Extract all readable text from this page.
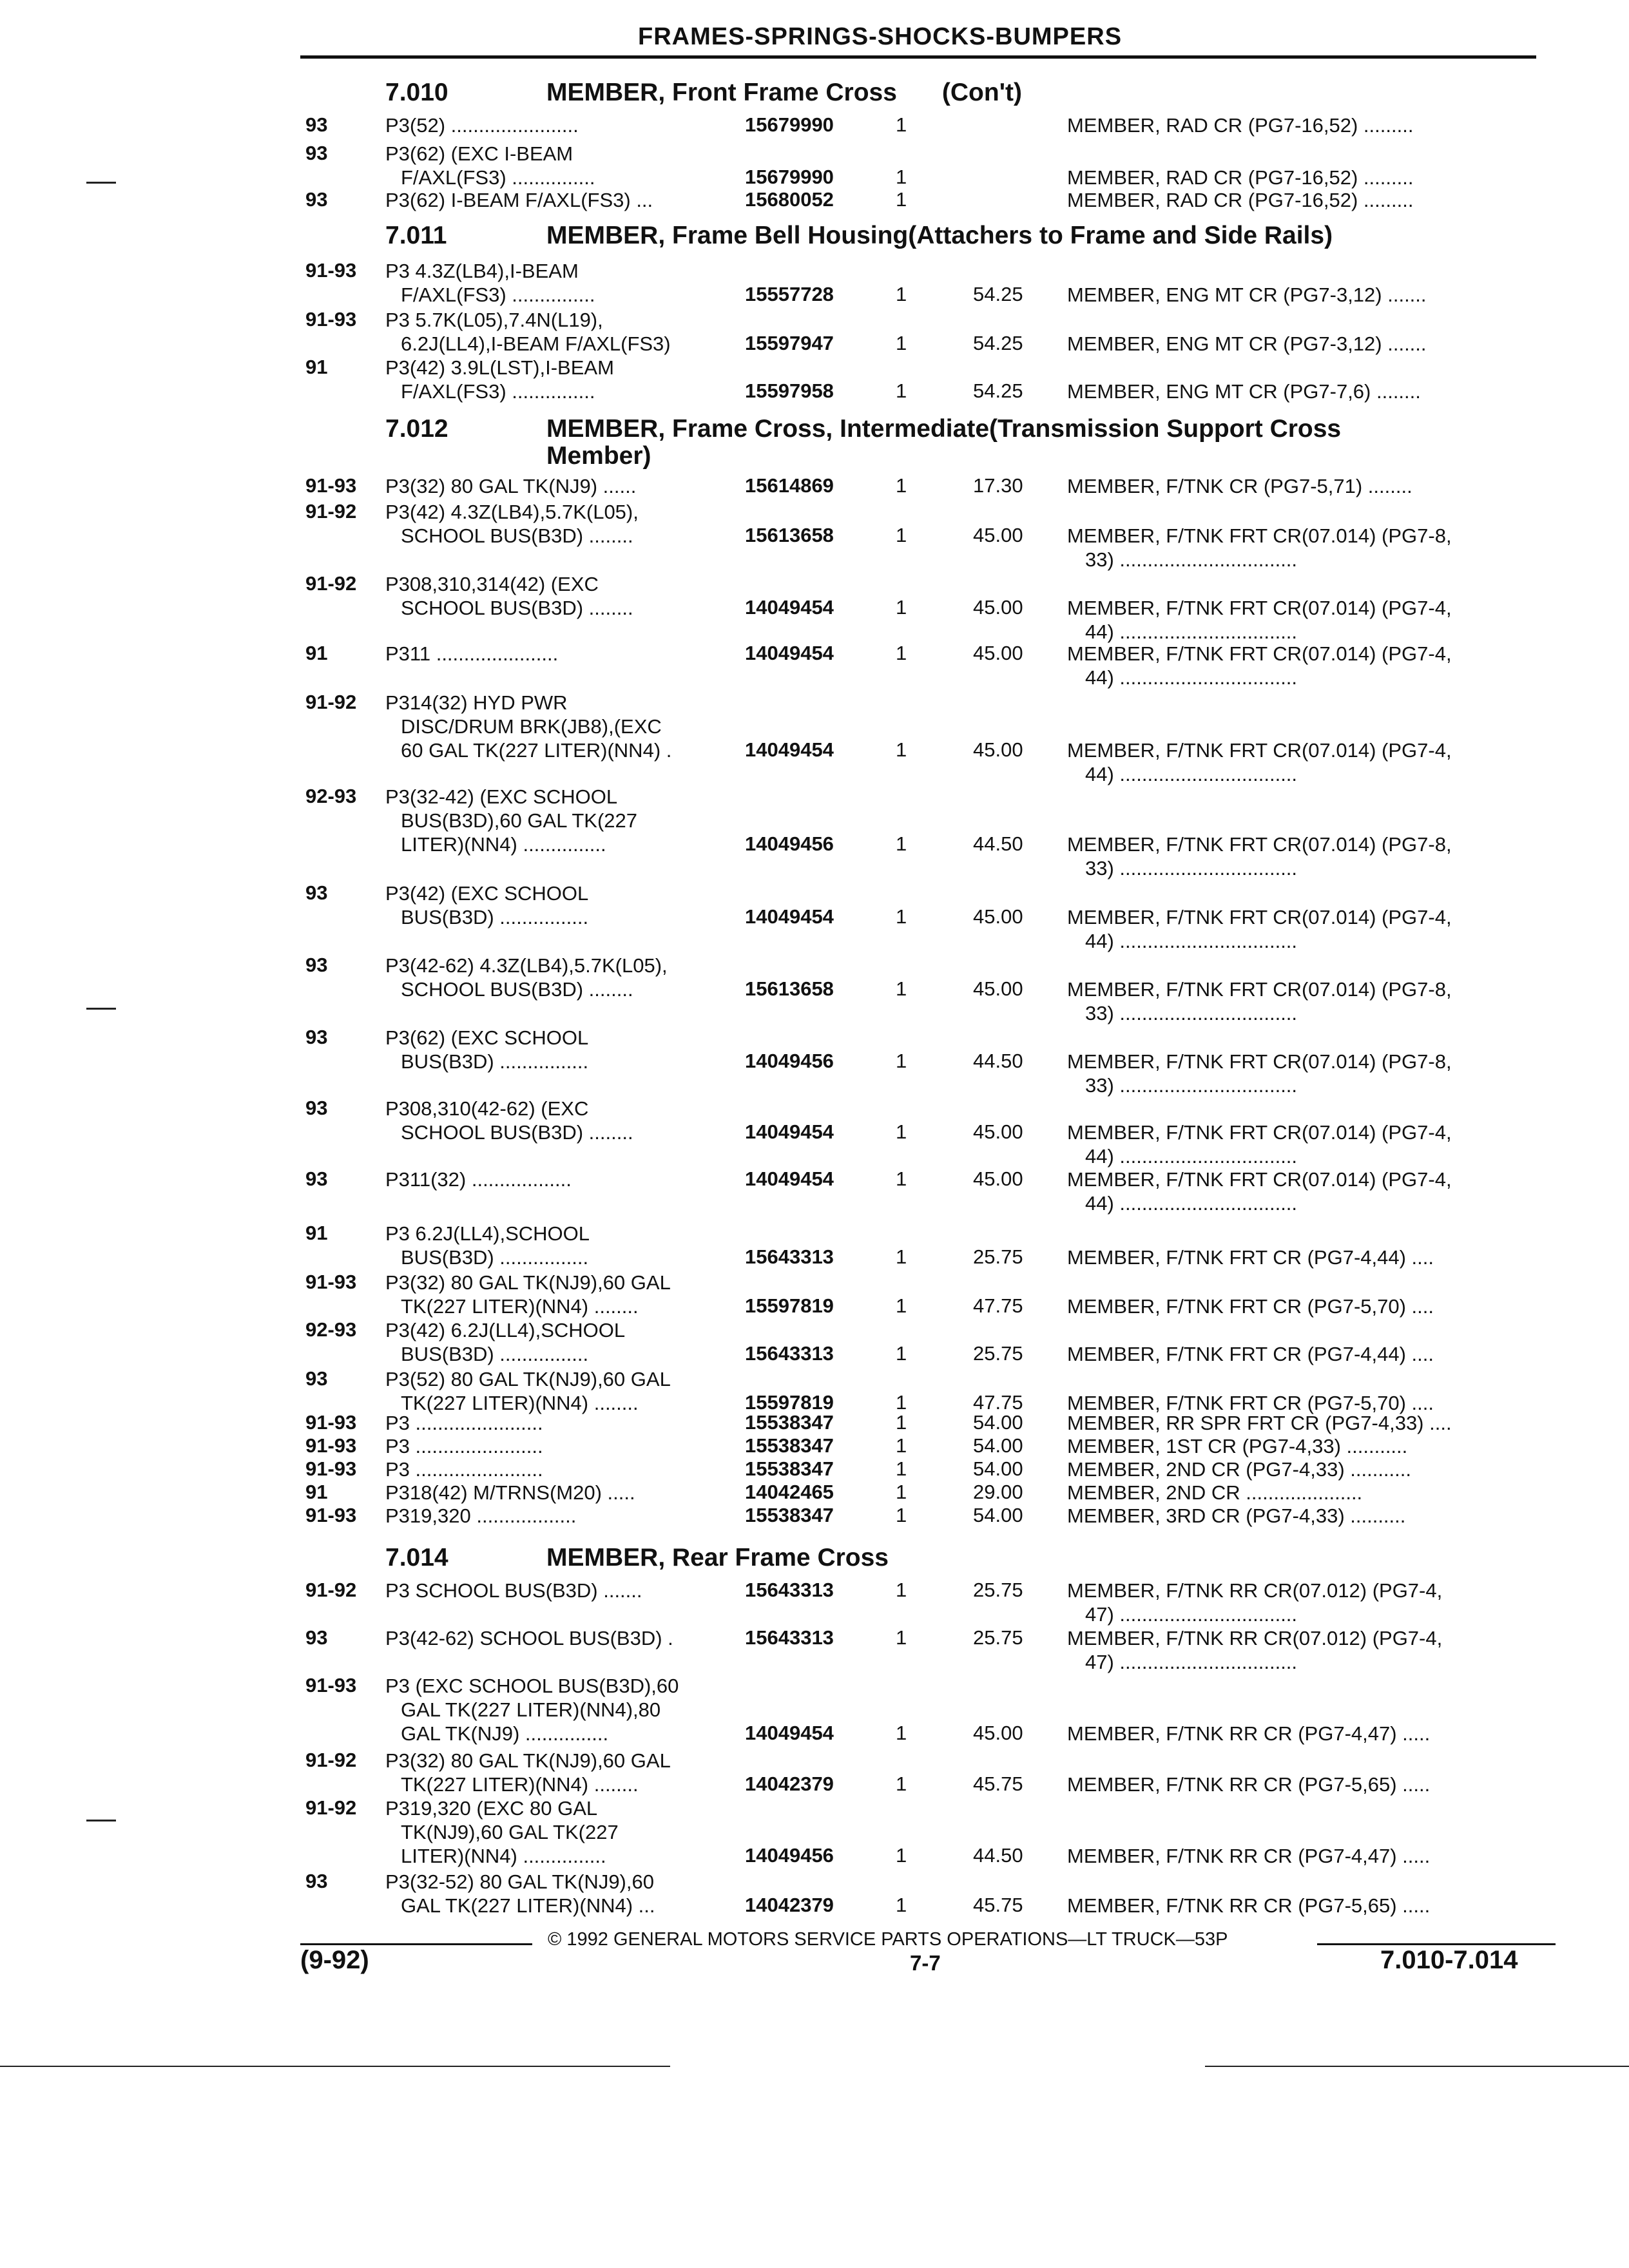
FRAMES-SPRINGS-SHOCKS-BUMPERS
7.010	MEMBER, Front Frame Cross (Con't)
7.011	MEMBER, Frame Bell Housing(Attachers to Frame and Side Rails)
7.012	MEMBER, Frame Cross, Intermediate(Transmission Support Cross
Member)
7.014	MEMBER, Rear Frame Cross
93	P3(52) .......................	15679990	1	MEMBER, RAD CR (PG7-16,52) .........
93	P3(62) (EXC I-BEAM
F/AXL(FS3) ...............	15679990	1	MEMBER, RAD CR (PG7-16,52) .........
93	P3(62) I-BEAM F/AXL(FS3) ...	15680052	1	MEMBER, RAD CR (PG7-16,52) .........
91-93 P3 4.3Z(LB4),I-BEAM
F/AXL(FS3) ...............	15557728	1	54.25 MEMBER, ENG MT CR (PG7-3,12) .......
91-93 P3 5.7K(L05),7.4N(L19),
6.2J(LL4),I-BEAM F/AXL(FS3)	15597947	1	54.25 MEMBER, ENG MT CR (PG7-3,12) .......
91	P3(42) 3.9L(LST),I-BEAM
F/AXL(FS3) ...............	15597958	1	54.25 MEMBER, ENG MT CR (PG7-7,6) ........
91-93 P3(32) 80 GAL TK(NJ9) ......	15614869	1	17.30 MEMBER, F/TNK CR (PG7-5,71) ........
91-92 P3(42) 4.3Z(LB4),5.7K(L05),
SCHOOL BUS(B3D) ........	15613658	1	45.00 MEMBER, F/TNK FRT CR(07.014) (PG7-8,
33) ................................
91-92 P308,310,314(42) (EXC
SCHOOL BUS(B3D) ........	14049454	1	45.00 MEMBER, F/TNK FRT CR(07.014) (PG7-4,
44) ................................
91	P311 ......................	14049454	1	45.00 MEMBER, F/TNK FRT CR(07.014) (PG7-4,
44) ................................
91-92 P314(32) HYD PWR
DISC/DRUM BRK(JB8),(EXC
60 GAL TK(227 LITER)(NN4) .	14049454	1	45.00 MEMBER, F/TNK FRT CR(07.014) (PG7-4,
44) ................................
92-93 P3(32-42) (EXC SCHOOL
BUS(B3D),60 GAL TK(227
LITER)(NN4) ...............	14049456	1	44.50 MEMBER, F/TNK FRT CR(07.014) (PG7-8,
33) ................................
93	P3(42) (EXC SCHOOL
BUS(B3D) ................	14049454	1	45.00 MEMBER, F/TNK FRT CR(07.014) (PG7-4,
44) ................................
93	P3(42-62) 4.3Z(LB4),5.7K(L05),
SCHOOL BUS(B3D) ........	15613658	1	45.00 MEMBER, F/TNK FRT CR(07.014) (PG7-8,
33) ................................
93	P3(62) (EXC SCHOOL
BUS(B3D) ................	14049456	1	44.50 MEMBER, F/TNK FRT CR(07.014) (PG7-8,
33) ................................
93	P308,310(42-62) (EXC
SCHOOL BUS(B3D) ........	14049454	1	45.00 MEMBER, F/TNK FRT CR(07.014) (PG7-4,
44) ................................
93	P311(32) ..................	14049454	1	45.00 MEMBER, F/TNK FRT CR(07.014) (PG7-4,
44) ................................
91	P3 6.2J(LL4),SCHOOL
BUS(B3D) ................	15643313	1	25.75 MEMBER, F/TNK FRT CR (PG7-4,44) ....
91-93 P3(32) 80 GAL TK(NJ9),60 GAL
TK(227 LITER)(NN4) ........	15597819	1	47.75 MEMBER, F/TNK FRT CR (PG7-5,70) ....
92-93 P3(42) 6.2J(LL4),SCHOOL
BUS(B3D) ................	15643313	1	25.75 MEMBER, F/TNK FRT CR (PG7-4,44) ....
93	P3(52) 80 GAL TK(NJ9),60 GAL
TK(227 LITER)(NN4) ........	15597819	1	47.75 MEMBER, F/TNK FRT CR (PG7-5,70) ....
91-93 P3 .......................	15538347	1	54.00 MEMBER, RR SPR FRT CR (PG7-4,33) ....
91-93 P3 .......................	15538347	1	54.00 MEMBER, 1ST CR (PG7-4,33) ...........
91-93 P3 .......................	15538347	1	54.00 MEMBER, 2ND CR (PG7-4,33) ...........
91	P318(42) M/TRNS(M20) .....	14042465	1	29.00 MEMBER, 2ND CR .....................
91-93 P319,320 ..................	15538347	1	54.00 MEMBER, 3RD CR (PG7-4,33) ..........
91-92 P3 SCHOOL BUS(B3D) .......	15643313	1	25.75 MEMBER, F/TNK RR CR(07.012) (PG7-4,
47) ................................
93	P3(42-62) SCHOOL BUS(B3D) .	15643313	1	25.75 MEMBER, F/TNK RR CR(07.012) (PG7-4,
47) ................................
91-93 P3 (EXC SCHOOL BUS(B3D),60
GAL TK(227 LITER)(NN4),80
GAL TK(NJ9) ...............	14049454	1	45.00 MEMBER, F/TNK RR CR (PG7-4,47) .....
91-92 P3(32) 80 GAL TK(NJ9),60 GAL
TK(227 LITER)(NN4) ........	14042379	1	45.75 MEMBER, F/TNK RR CR (PG7-5,65) .....
91-92 P319,320 (EXC 80 GAL
TK(NJ9),60 GAL TK(227
LITER)(NN4) ...............	14049456	1	44.50 MEMBER, F/TNK RR CR (PG7-4,47) .....
93	P3(32-52) 80 GAL TK(NJ9),60
GAL TK(227 LITER)(NN4) ...	14042379	1	45.75 MEMBER, F/TNK RR CR (PG7-5,65) .....
© 1992 GENERAL MOTORS SERVICE PARTS OPERATIONS—LT TRUCK—53P
(9-92)	7-7	7.010-7.014
